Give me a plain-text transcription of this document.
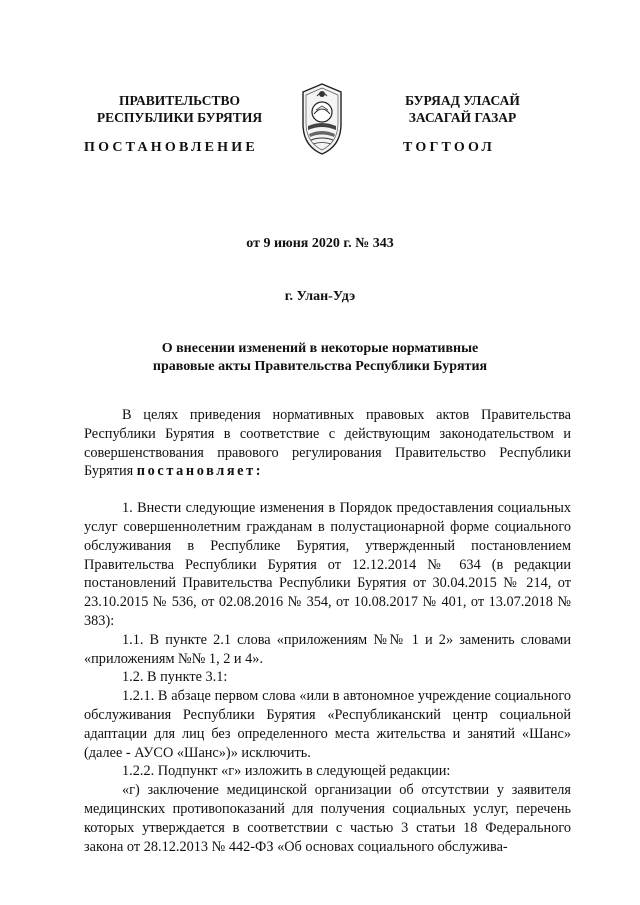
ПРАВИТЕЛЬСТВО
РЕСПУБЛИКИ БУРЯТИЯ
БУРЯАД УЛАСАЙ
ЗАСАГАЙ ГАЗАР
ПОСТАНОВЛЕНИЕ	ТОГТООЛ
от 9 июня 2020 г. № 343
г. Улан-Удэ
О внесении изменений в некоторые нормативные
правовые акты Правительства Республики Бурятия

В целях приведения нормативных правовых актов Правительства Республики Бурятия в соответствие с действующим законодательством и совершенствования правового регулирования Правительство Республики Бурятия постановляет:

1. Внести следующие изменения в Порядок предоставления социальных услуг совершеннолетним гражданам в полустационарной форме социального обслуживания в Республике Бурятия, утвержденный постановлением Правительства Республики Бурятия от 12.12.2014 № 634 (в редакции постановлений Правительства Республики Бурятия от 30.04.2015 № 214, от 23.10.2015 № 536, от 02.08.2016 № 354, от 10.08.2017 № 401, от 13.07.2018 № 383):

1.1. В пункте 2.1 слова «приложениям №№ 1 и 2» заменить словами «приложениям №№ 1, 2 и 4».

1.2. В пункте 3.1:

1.2.1. В абзаце первом слова «или в автономное учреждение социального обслуживания Республики Бурятия «Республиканский центр социальной адаптации для лиц без определенного места жительства и занятий «Шанс» (далее - АУСО «Шанс»)» исключить.

1.2.2. Подпункт «г» изложить в следующей редакции:

«г) заключение медицинской организации об отсутствии у заявителя медицинских противопоказаний для получения социальных услуг, перечень которых утверждается в соответствии с частью 3 статьи 18 Федерального закона от 28.12.2013 № 442-ФЗ «Об основах социального обслужива-
